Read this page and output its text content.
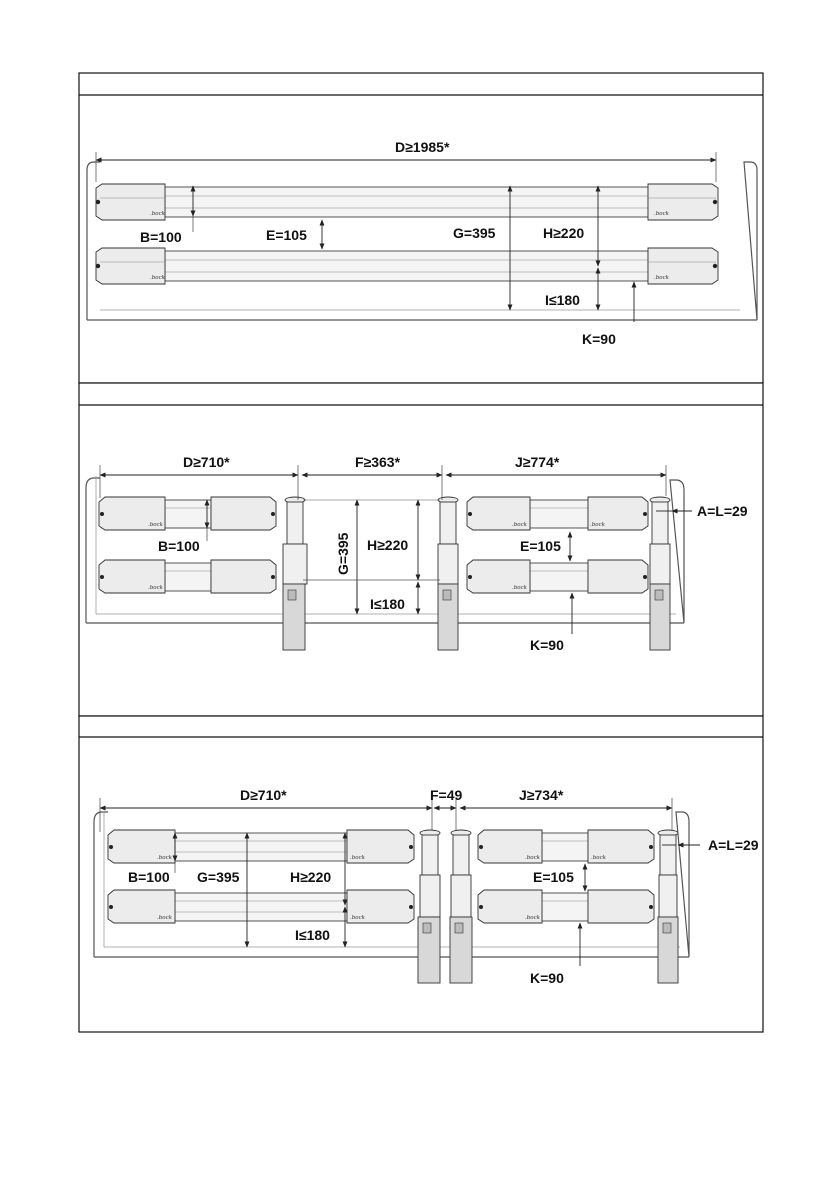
.bock	.bock
.bock	.bock
D≥1985*
B=100	E=105	G=395	H≥220
I≤180
K=90
.bock
.bock
.bock	.bock
.bock
D≥710*	F≥363*	J≥774*
A=L=29
B=100	G=395 H≥220
I≤180
E=105
K=90
.bock	.bock
.bock	.bock
.bock	.bock
.bock
D≥710*	F=49	J≥734*
A=L=29
B=100 G=395	H≥220
I≤180
E=105
K=90
